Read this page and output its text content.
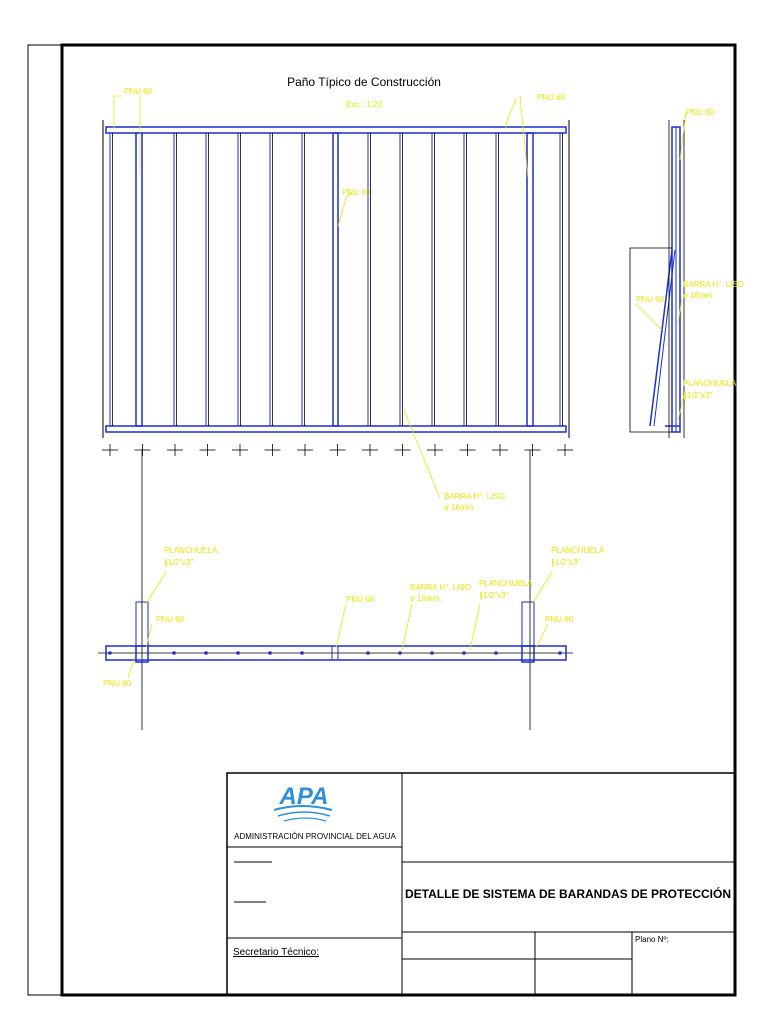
Paño Típico de Construcción
Esc.: 1:20
PNU 60
PNU 60
PNU 60
BARRA H°. LISO
ø 16mm.
PNU 60
PNU 60
BARRA H°. LISO
ø 16mm.
PLANCHUELA
∦1/2"x3"
PLANCHUELA
∦1/2"x3"
PLANCHUELA
∦1/2"x3"
PNU 60	PNU 60
PNU 60
PNU 60
BARRA H°. LISO
ø 16mm.
PLANCHUELA
∦1/2"x3"
APA
ADMINISTRACIÓN PROVINCIAL DEL AGUA
DETALLE DE SISTEMA DE BARANDAS DE PROTECCIÓN
Secretario Técnico:
Plano Nº:
